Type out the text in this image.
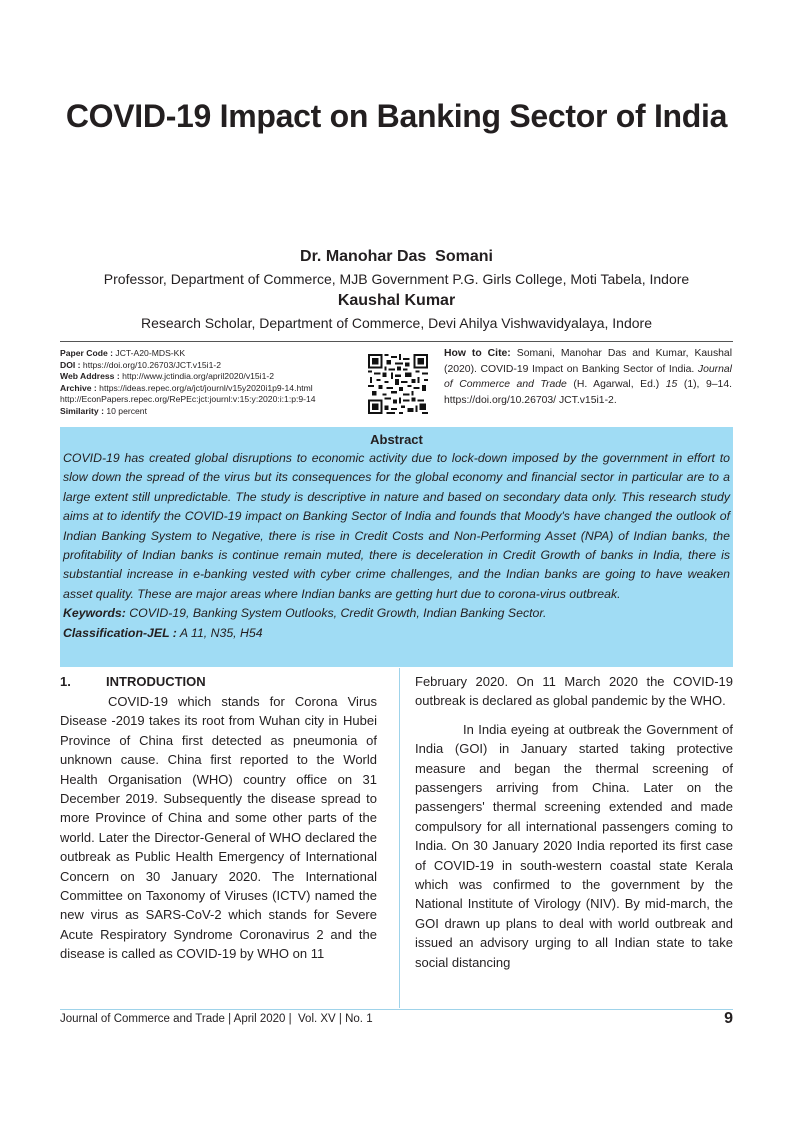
COVID-19 Impact on Banking Sector of India
Dr. Manohar Das  Somani
Professor, Department of Commerce, MJB Government P.G. Girls College, Moti Tabela, Indore
Kaushal Kumar
Research Scholar, Department of Commerce, Devi Ahilya Vishwavidyalaya, Indore
Paper Code : JCT-A20-MDS-KK
DOI : https://doi.org/10.26703/JCT.v15i1-2
Web Address : http://www.jctindia.org/april2020/v15i1-2
Archive : https://ideas.repec.org/a/jct/journl/v15y2020i1p9-14.html
http://EconPapers.repec.org/RePEc:jct:journl:v:15:y:2020:i:1:p:9-14
Similarity : 10 percent
How to Cite: Somani, Manohar Das and Kumar, Kaushal (2020). COVID-19 Impact on Banking Sector of India. Journal of Commerce and Trade (H. Agarwal, Ed.) 15 (1), 9–14. https://doi.org/10.26703/ JCT.v15i1-2.
Abstract

COVID-19 has created global disruptions to economic activity due to lock-down imposed by the government in effort to slow down the spread of the virus but its consequences for the global economy and financial sector in particular are to a large extent still unpredictable. The study is descriptive in nature and based on secondary data only. This research study aims at to identify the COVID-19 impact on Banking Sector of India and founds that Moody's have changed the outlook of Indian Banking System to Negative, there is rise in Credit Costs and Non-Performing Asset (NPA) of Indian banks, the profitability of Indian banks is continue remain muted, there is deceleration in Credit Growth of banks in India, there is substantial increase in e-banking vested with cyber crime challenges, and the Indian banks are going to have weaken asset quality. These are major areas where Indian banks are getting hurt due to corona-virus outbreak.

Keywords: COVID-19, Banking System Outlooks, Credit Growth, Indian Banking Sector.
Classification-JEL : A 11, N35, H54
1.	INTRODUCTION

COVID-19 which stands for Corona Virus Disease -2019 takes its root from Wuhan city in Hubei Province of China first detected as pneumonia of unknown cause. China first reported to the World Health Organisation (WHO) country office on 31 December 2019. Subsequently the disease spread to more Province of China and some other parts of the world. Later the Director-General of WHO declared the outbreak as Public Health Emergency of International Concern on 30 January 2020. The International Committee on Taxonomy of Viruses (ICTV) named the new virus as SARS-CoV-2 which stands for Severe Acute Respiratory Syndrome Coronavirus 2 and the disease is called as COVID-19 by WHO on 11

February 2020. On 11 March 2020 the COVID-19 outbreak is declared as global pandemic by the WHO.

In India eyeing at outbreak the Government of India (GOI) in January started taking protective measure and began the thermal screening of passengers arriving from China. Later on the passengers' thermal screening extended and made compulsory for all international passengers coming to India. On 30 January 2020 India reported its first case of COVID-19 in south-western coastal state Kerala which was confirmed to the government by the National Institute of Virology (NIV). By mid-march, the GOI drawn up plans to deal with world outbreak and issued an advisory urging to all Indian state to take social distancing

Journal of Commerce and Trade | April 2020 |  Vol. XV | No. 1	9
